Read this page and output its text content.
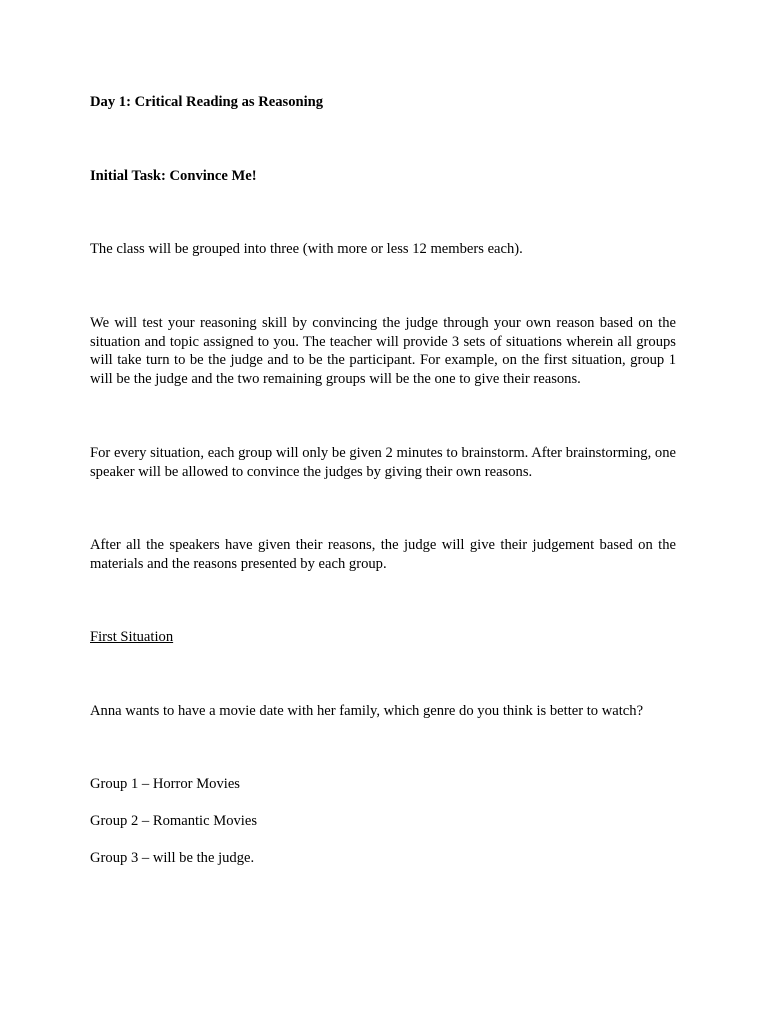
Day 1: Critical Reading as Reasoning

Initial Task: Convince Me!

The class will be grouped into three (with more or less 12 members each).

We will test your reasoning skill by convincing the judge through your own reason based on the situation and topic assigned to you. The teacher will provide 3 sets of situations wherein all groups will take turn to be the judge and to be the participant. For example, on the first situation, group 1 will be the judge and the two remaining groups will be the one to give their reasons.

For every situation, each group will only be given 2 minutes to brainstorm. After brainstorming, one speaker will be allowed to convince the judges by giving their own reasons.

After all the speakers have given their reasons, the judge will give their judgement based on the materials and the reasons presented by each group.

First Situation

Anna wants to have a movie date with her family, which genre do you think is better to watch?

Group 1 – Horror Movies

Group 2 – Romantic Movies

Group 3 – will be the judge.
